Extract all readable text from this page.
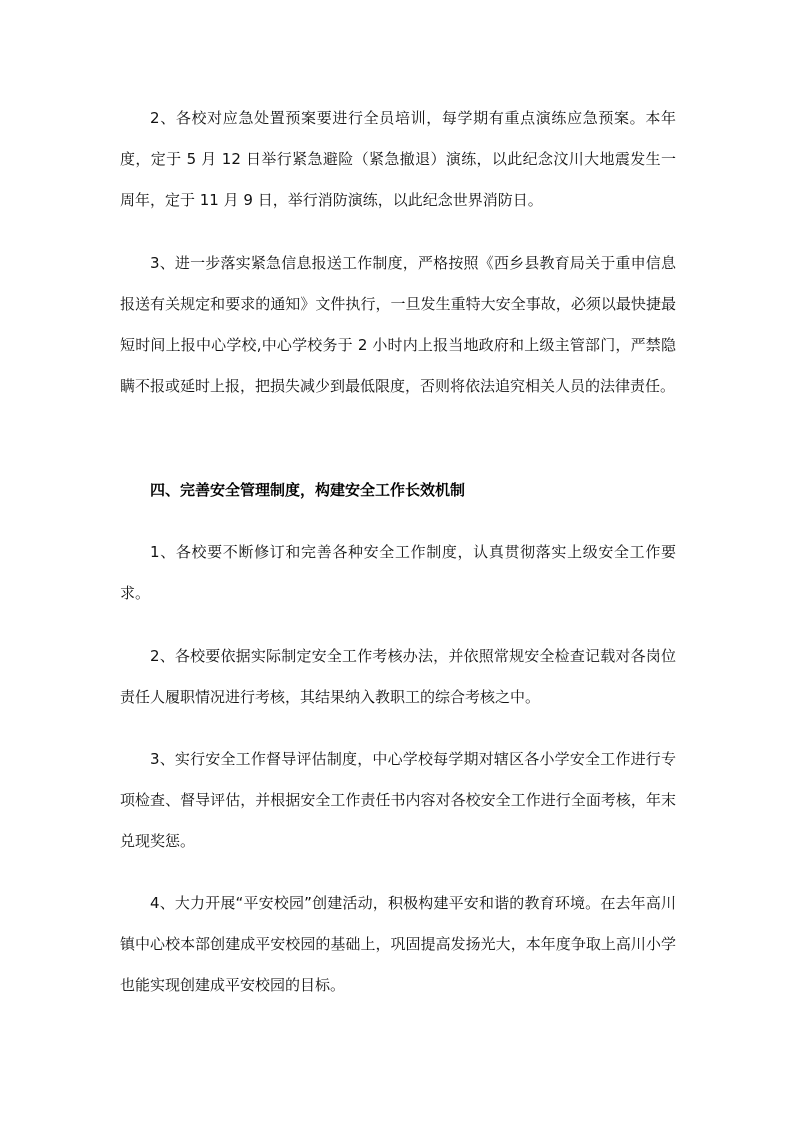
2、各校对应急处置预案要进行全员培训，每学期有重点演练应急预案。本年度，定于 5 月 12 日举行紧急避险（紧急撤退）演练，以此纪念汶川大地震发生一周年，定于 11 月 9 日，举行消防演练，以此纪念世界消防日。

3、进一步落实紧急信息报送工作制度，严格按照《西乡县教育局关于重申信息报送有关规定和要求的通知》文件执行，一旦发生重特大安全事故，必须以最快捷最短时间上报中心学校,中心学校务于 2 小时内上报当地政府和上级主管部门，严禁隐瞒不报或延时上报，把损失减少到最低限度，否则将依法追究相关人员的法律责任。

四、完善安全管理制度，构建安全工作长效机制

1、各校要不断修订和完善各种安全工作制度，认真贯彻落实上级安全工作要求。

2、各校要依据实际制定安全工作考核办法，并依照常规安全检查记载对各岗位责任人履职情况进行考核，其结果纳入教职工的综合考核之中。

3、实行安全工作督导评估制度，中心学校每学期对辖区各小学安全工作进行专项检查、督导评估，并根据安全工作责任书内容对各校安全工作进行全面考核，年末兑现奖惩。

4、大力开展“平安校园”创建活动，积极构建平安和谐的教育环境。在去年高川镇中心校本部创建成平安校园的基础上，巩固提高发扬光大，本年度争取上高川小学也能实现创建成平安校园的目标。
